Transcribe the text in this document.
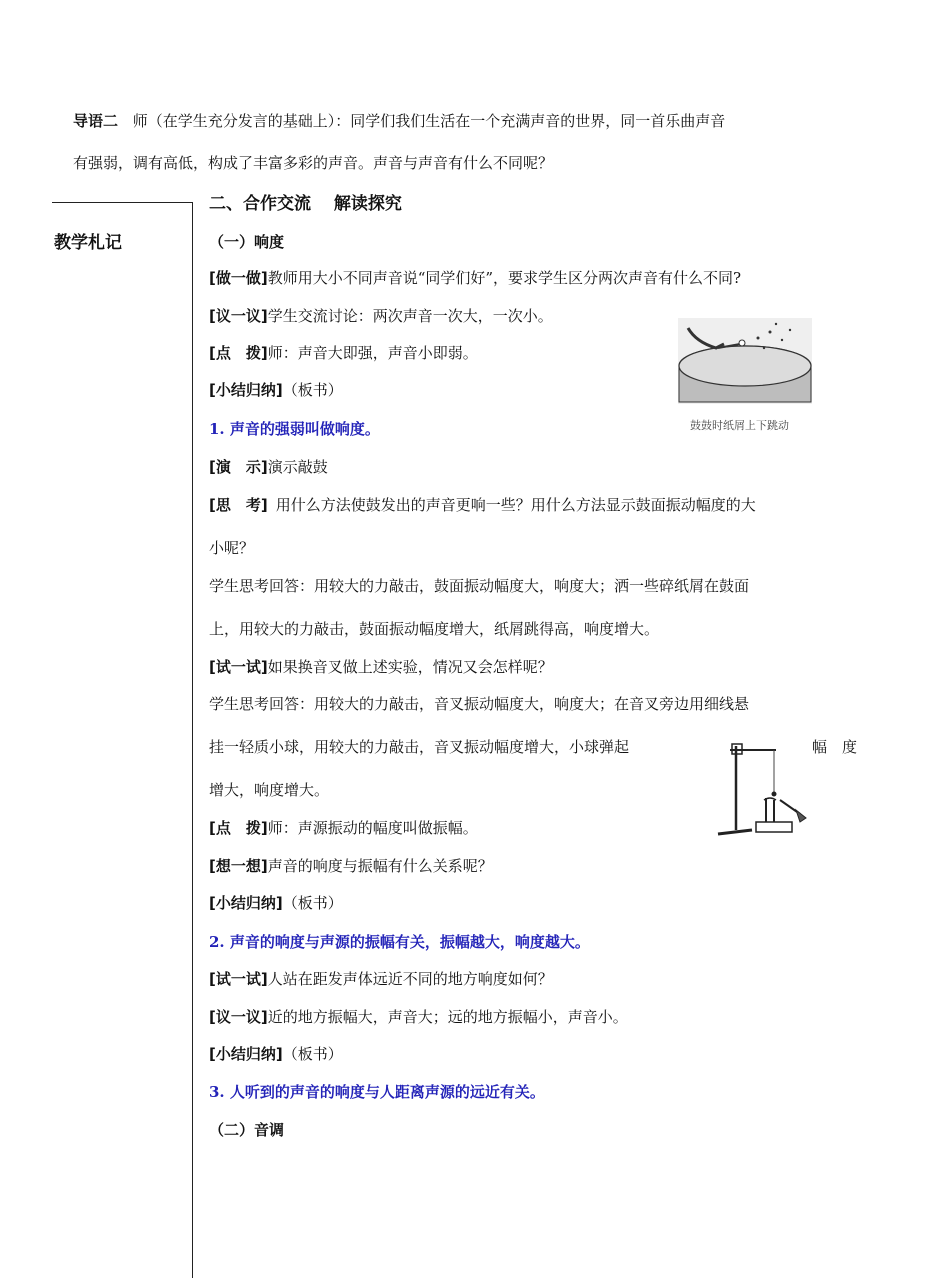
导语二 师（在学生充分发言的基础上）：同学们我们生活在一个充满声音的世界，同一首乐曲声音
有强弱，调有高低，构成了丰富多彩的声音。声音与声音有什么不同呢？
教学札记
二、合作交流　 解读探究
（一）响度
[做一做]教师用大小不同声音说“同学们好”，要求学生区分两次声音有什么不同?
[议一议]学生交流讨论：两次声音一次大，一次小。
[点　拨]师：声音大即强，声音小即弱。
[小结归纳]（板书）
1. 声音的强弱叫做响度。	鼓鼓时纸屑上下跳动
[演　示]演示敲鼓
[思　考] 用什么方法使鼓发出的声音更响一些？用什么方法显示鼓面振动幅度的大
小呢？
学生思考回答：用较大的力敲击，鼓面振动幅度大，响度大；洒一些碎纸屑在鼓面
上，用较大的力敲击，鼓面振动幅度增大，纸屑跳得高，响度增大。
[试一试]如果换音叉做上述实验，情况又会怎样呢？
学生思考回答：用较大的力敲击，音叉振动幅度大，响度大；在音叉旁边用细线悬
挂一轻质小球，用较大的力敲击，音叉振动幅度增大，小球弹起	幅　度
增大，响度增大。
[点　拨]师：声源振动的幅度叫做振幅。
[想一想]声音的响度与振幅有什么关系呢？
[小结归纳]（板书）
2. 声音的响度与声源的振幅有关，振幅越大，响度越大。
[试一试]人站在距发声体远近不同的地方响度如何？
[议一议]近的地方振幅大，声音大；远的地方振幅小，声音小。
[小结归纳]（板书）
3. 人听到的声音的响度与人距离声源的远近有关。
（二）音调
